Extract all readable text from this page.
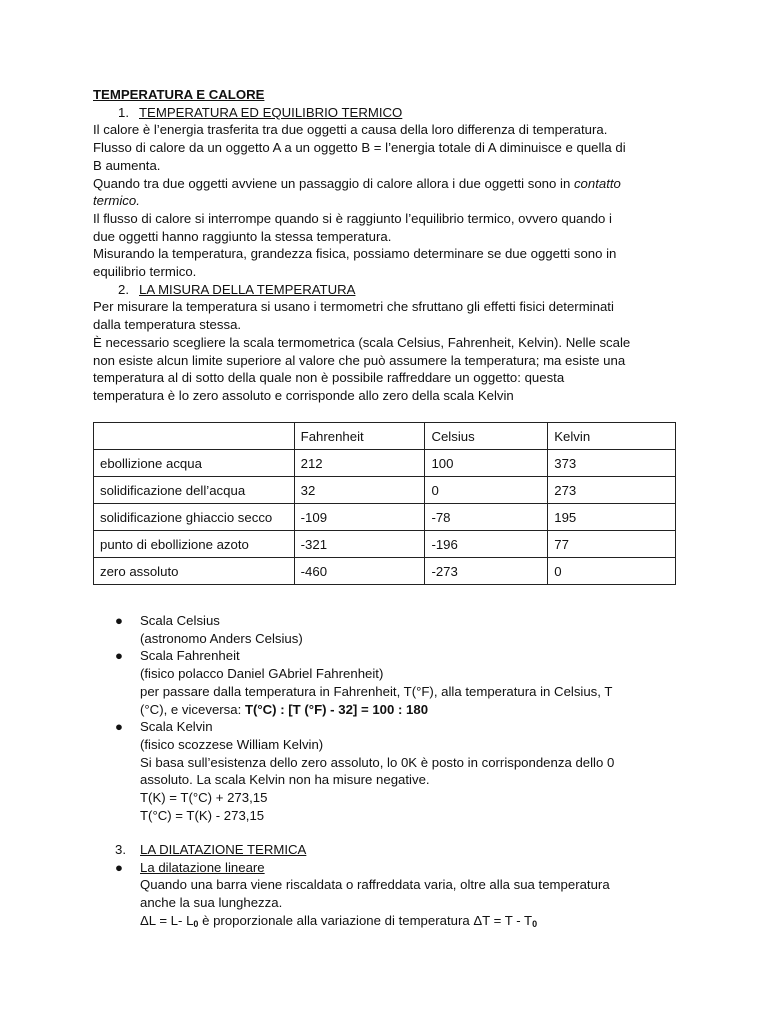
TEMPERATURA E CALORE
1. TEMPERATURA ED EQUILIBRIO TERMICO
Il calore è l’energia trasferita tra due oggetti a causa della loro differenza di temperatura.
Flusso di calore da un oggetto A a un oggetto B = l’energia totale di A diminuisce e quella di
B aumenta.
Quando tra due oggetti avviene un passaggio di calore allora i due oggetti sono in contatto
termico.
Il flusso di calore si interrompe quando si è raggiunto l’equilibrio termico, ovvero quando i
due oggetti hanno raggiunto la stessa temperatura.
Misurando la temperatura, grandezza fisica, possiamo determinare se due oggetti sono in
equilibrio termico.
2. LA MISURA DELLA TEMPERATURA
Per misurare la temperatura si usano i termometri che sfruttano gli effetti fisici determinati
dalla temperatura stessa.
È necessario scegliere la scala termometrica (scala Celsius, Fahrenheit, Kelvin). Nelle scale
non esiste alcun limite superiore al valore che può assumere la temperatura; ma esiste una
temperatura al di sotto della quale non è possibile raffreddare un oggetto: questa
temperatura è lo zero assoluto e corrisponde allo zero della scala Kelvin
	Fahrenheit	Celsius	Kelvin
ebollizione acqua	212	100	373
solidificazione dell’acqua	32	0	273
solidificazione ghiaccio secco	-109	-78	195
punto di ebollizione azoto	-321	-196	77
zero assoluto	-460	-273	0
● Scala Celsius
(astronomo Anders Celsius)
● Scala Fahrenheit
(fisico polacco Daniel GAbriel Fahrenheit)
per passare dalla temperatura in Fahrenheit, T(°F), alla temperatura in Celsius, T
(°C), e viceversa: T(°C) : [T (°F) - 32] = 100 : 180
● Scala Kelvin
(fisico scozzese William Kelvin)
Si basa sull’esistenza dello zero assoluto, lo 0K è posto in corrispondenza dello 0
assoluto. La scala Kelvin non ha misure negative.
T(K) = T(°C) + 273,15
T(°C) = T(K) - 273,15
3. LA DILATAZIONE TERMICA
● La dilatazione lineare
Quando una barra viene riscaldata o raffreddata varia, oltre alla sua temperatura
anche la sua lunghezza.
ΔL = L- $L_0$ è proporzionale alla variazione di temperatura $\Delta T = T - T_0$
